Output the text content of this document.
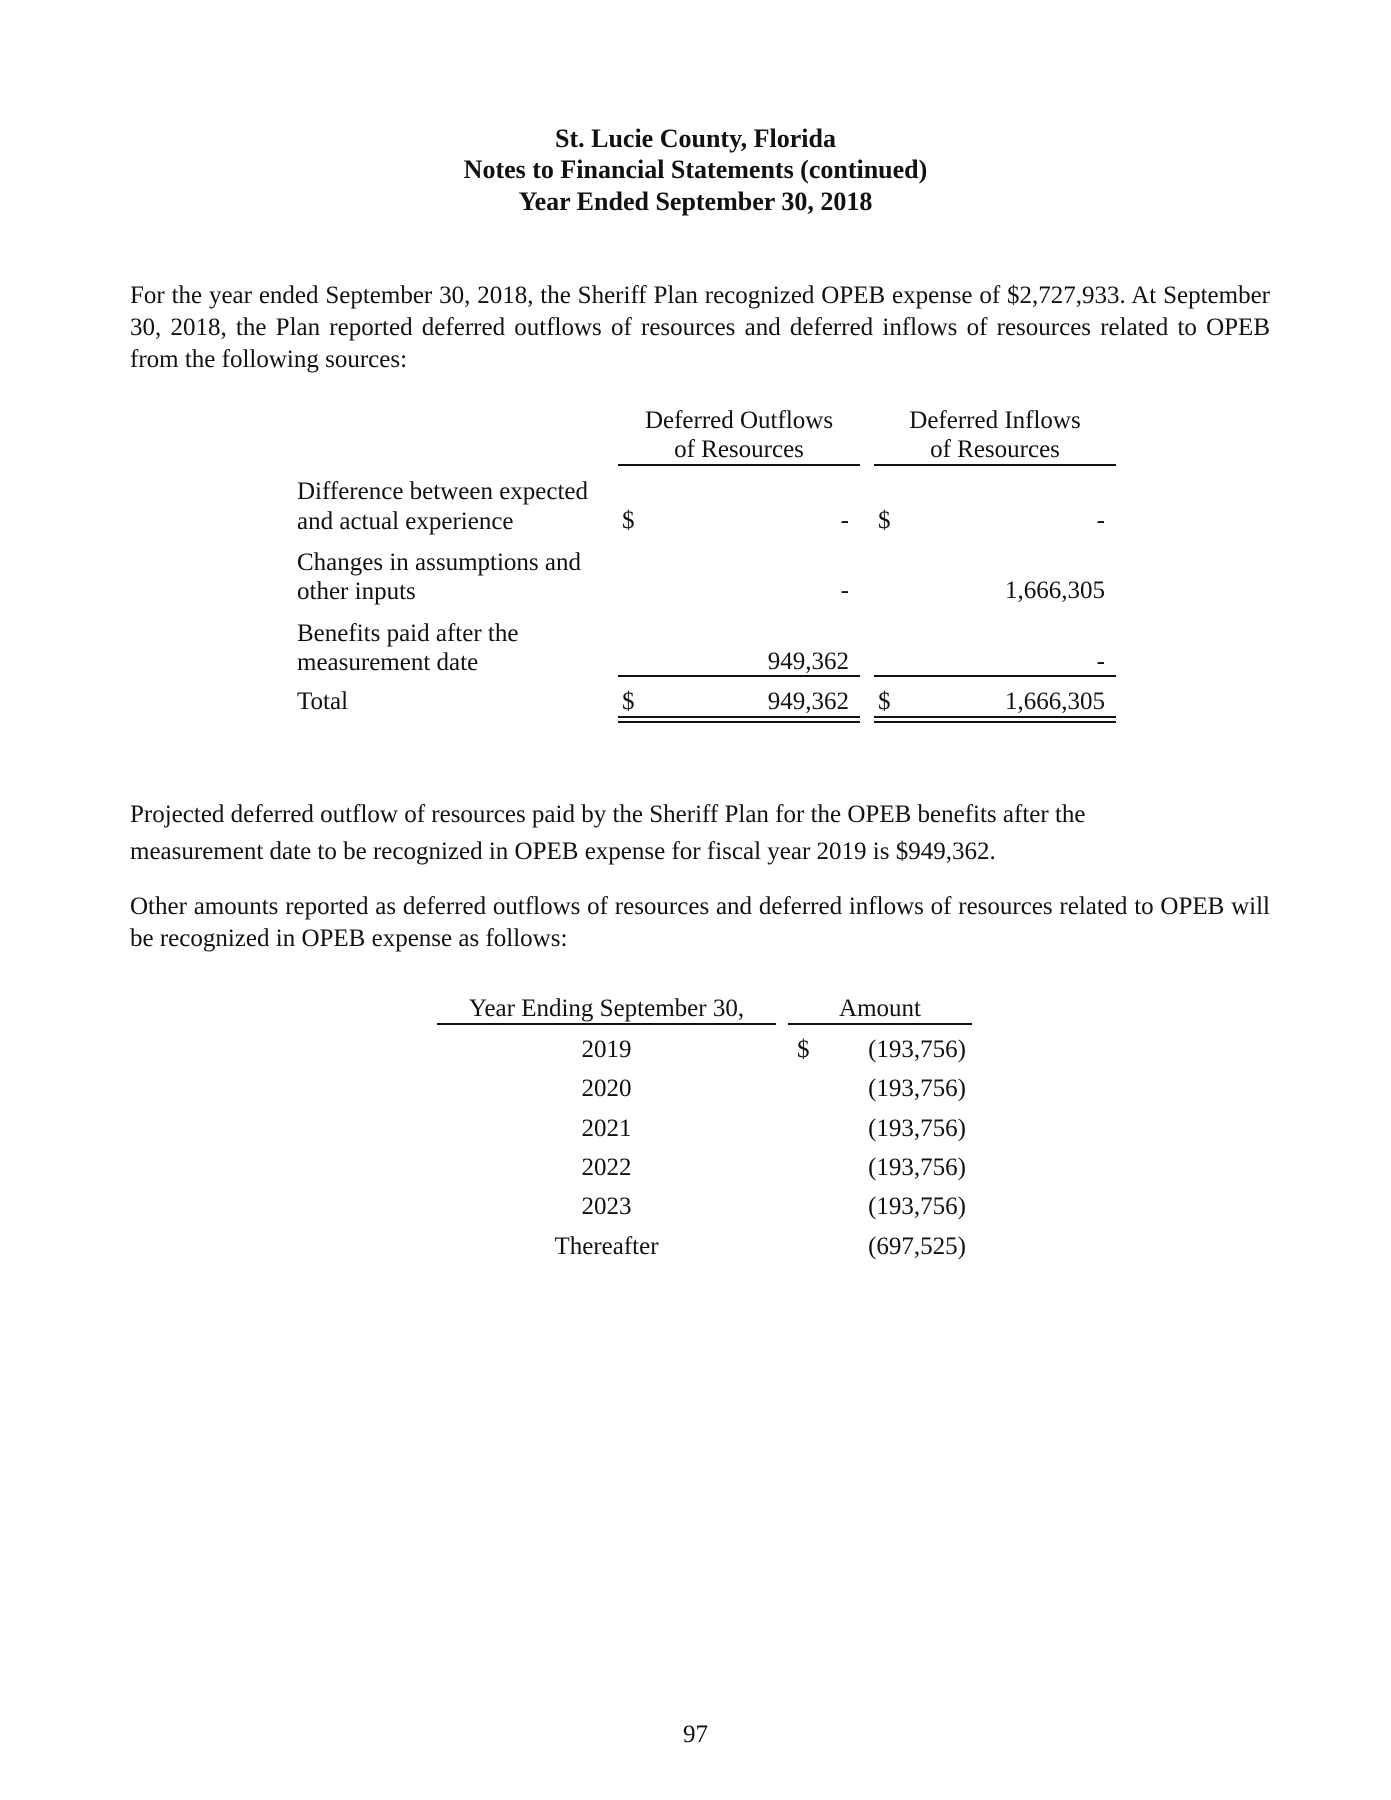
St. Lucie County, Florida
Notes to Financial Statements (continued)
Year Ended September 30, 2018
For the year ended September 30, 2018, the Sheriff Plan recognized OPEB expense of $2,727,933. At September 30, 2018, the Plan reported deferred outflows of resources and deferred inflows of resources related to OPEB from the following sources:
Deferred Outflows
of Resources
Deferred Inflows
of Resources
Difference between expected
and actual experience	$	- $	-
Changes in assumptions and
other inputs	-	1,666,305
Benefits paid after the
measurement date	949,362	-
Total	$	949,362 $	1,666,305
Projected deferred outflow of resources paid by the Sheriff Plan for the OPEB benefits after the
measurement date to be recognized in OPEB expense for fiscal year 2019 is $949,362.
Other amounts reported as deferred outflows of resources and deferred inflows of resources related to OPEB will be recognized in OPEB expense as follows:
Year Ending September 30,	Amount
$
2019	(193,756)
2020	(193,756)
2021	(193,756)
2022	(193,756)
2023	(193,756)
Thereafter	(697,525)
97
